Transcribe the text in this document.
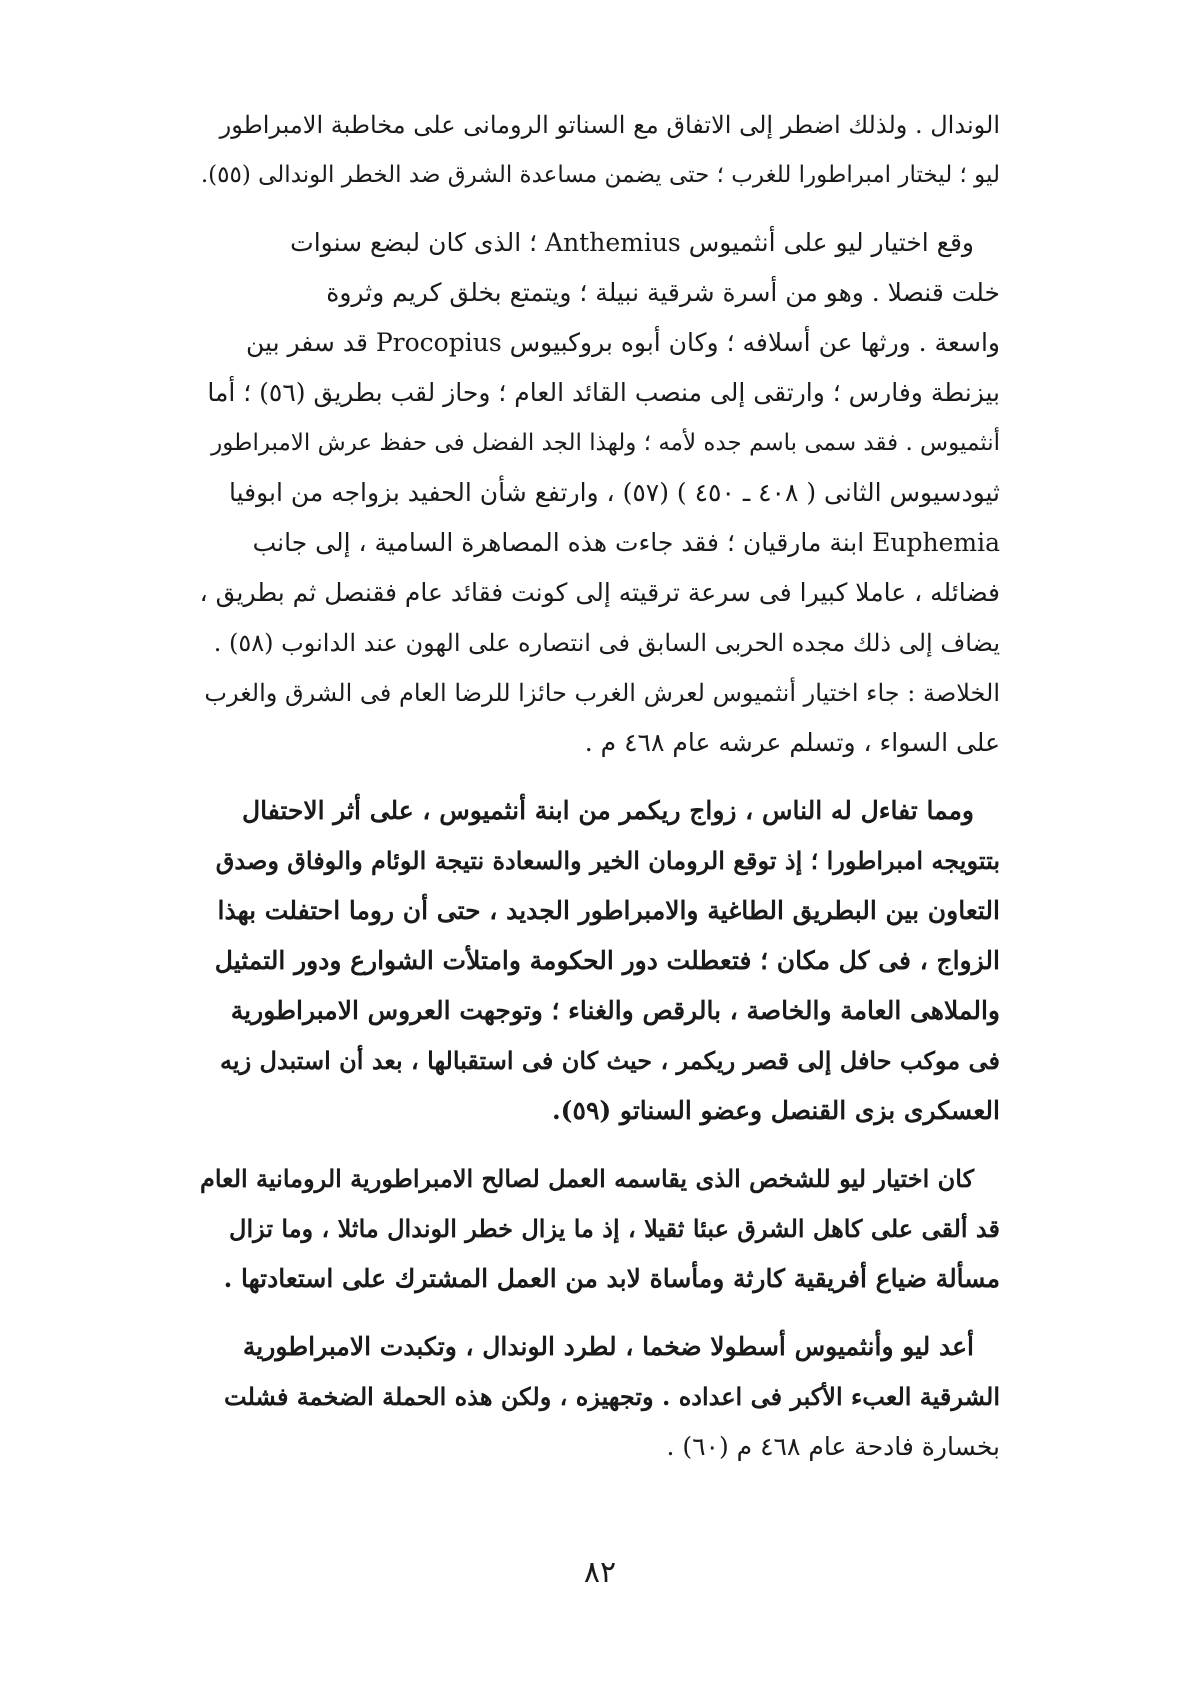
الوندال . ولذلك اضطر إلى الاتفاق مع السناتو الرومانى على مخاطبة الامبراطور
ليو ؛ ليختار امبراطورا للغرب ؛ حتى يضمن مساعدة الشرق ضد الخطر الوندالى (٥٥).
وقع اختيار ليو على أنثميوس Anthemius ؛ الذى كان لبضع سنوات
خلت قنصلا . وهو من أسرة شرقية نبيلة ؛ ويتمتع بخلق كريم وثروة
واسعة . ورثها عن أسلافه ؛ وكان أبوه بروكبيوس Procopius قد سفر بين
بيزنطة وفارس ؛ وارتقى إلى منصب القائد العام ؛ وحاز لقب بطريق (٥٦) ؛ أما
أنثميوس . فقد سمى باسم جده لأمه ؛ ولهذا الجد الفضل فى حفظ عرش الامبراطور
ثيودسيوس الثانى ( ٤٠٨ ـ ٤٥٠ ) (٥٧) ، وارتفع شأن الحفيد بزواجه من ابوفيا
Euphemia ابنة مارقيان ؛ فقد جاءت هذه المصاهرة السامية ، إلى جانب
فضائله ، عاملا كبيرا فى سرعة ترقيته إلى كونت فقائد عام فقنصل ثم بطريق ،
يضاف إلى ذلك مجده الحربى السابق فى انتصاره على الهون عند الدانوب (٥٨) .
الخلاصة : جاء اختيار أنثميوس لعرش الغرب حائزا للرضا العام فى الشرق والغرب
على السواء ، وتسلم عرشه عام ٤٦٨ م .
ومما تفاءل له الناس ، زواج ريكمر من ابنة أنثميوس ، على أثر الاحتفال
بتتويجه امبراطورا ؛ إذ توقع الرومان الخير والسعادة نتيجة الوئام والوفاق وصدق
التعاون بين البطريق الطاغية والامبراطور الجديد ، حتى أن روما احتفلت بهذا
الزواج ، فى كل مكان ؛ فتعطلت دور الحكومة وامتلأت الشوارع ودور التمثيل
والملاهى العامة والخاصة ، بالرقص والغناء ؛ وتوجهت العروس الامبراطورية
فى موكب حافل إلى قصر ريكمر ، حيث كان فى استقبالها ، بعد أن استبدل زيه
العسكرى بزى القنصل وعضو السناتو (٥٩).
كان اختيار ليو للشخص الذى يقاسمه العمل لصالح الامبراطورية الرومانية العام
قد ألقى على كاهل الشرق عبئا ثقيلا ، إذ ما يزال خطر الوندال ماثلا ، وما تزال
مسألة ضياع أفريقية كارثة ومأساة لابد من العمل المشترك على استعادتها .
أعد ليو وأنثميوس أسطولا ضخما ، لطرد الوندال ، وتكبدت الامبراطورية
الشرقية العبء الأكبر فى اعداده . وتجهيزه ، ولكن هذه الحملة الضخمة فشلت
بخسارة فادحة عام ٤٦٨ م (٦٠) .
٨٢
